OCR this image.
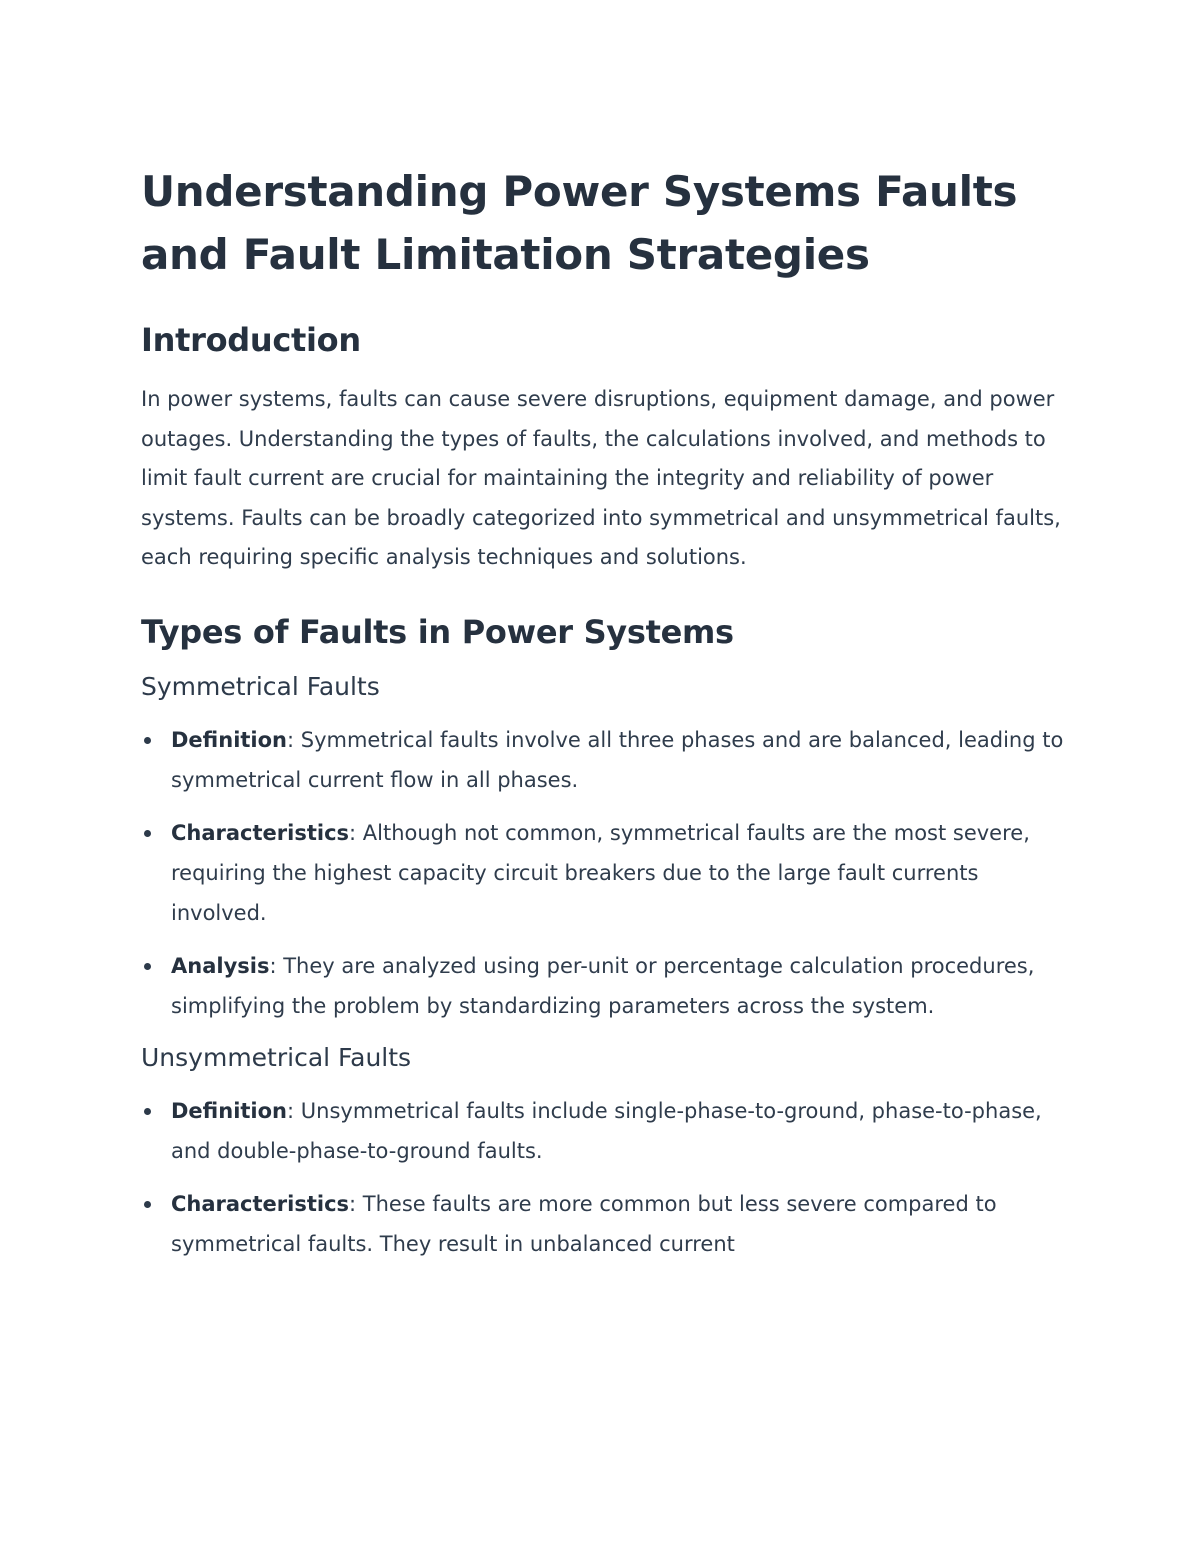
Understanding Power Systems Faults and Fault Limitation Strategies
Introduction

In power systems, faults can cause severe disruptions, equipment damage, and power outages. Understanding the types of faults, the calculations involved, and methods to limit fault current are crucial for maintaining the integrity and reliability of power systems. Faults can be broadly categorized into symmetrical and unsymmetrical faults, each requiring specific analysis techniques and solutions.

Types of Faults in Power Systems
Symmetrical Faults
Definition: Symmetrical faults involve all three phases and are balanced, leading to symmetrical current flow in all phases.
Characteristics: Although not common, symmetrical faults are the most severe, requiring the highest capacity circuit breakers due to the large fault currents involved.
Analysis: They are analyzed using per-unit or percentage calculation procedures, simplifying the problem by standardizing parameters across the system.
Unsymmetrical Faults
Definition: Unsymmetrical faults include single-phase-to-ground, phase-to-phase, and double-phase-to-ground faults.
Characteristics: These faults are more common but less severe compared to symmetrical faults. They result in unbalanced current
